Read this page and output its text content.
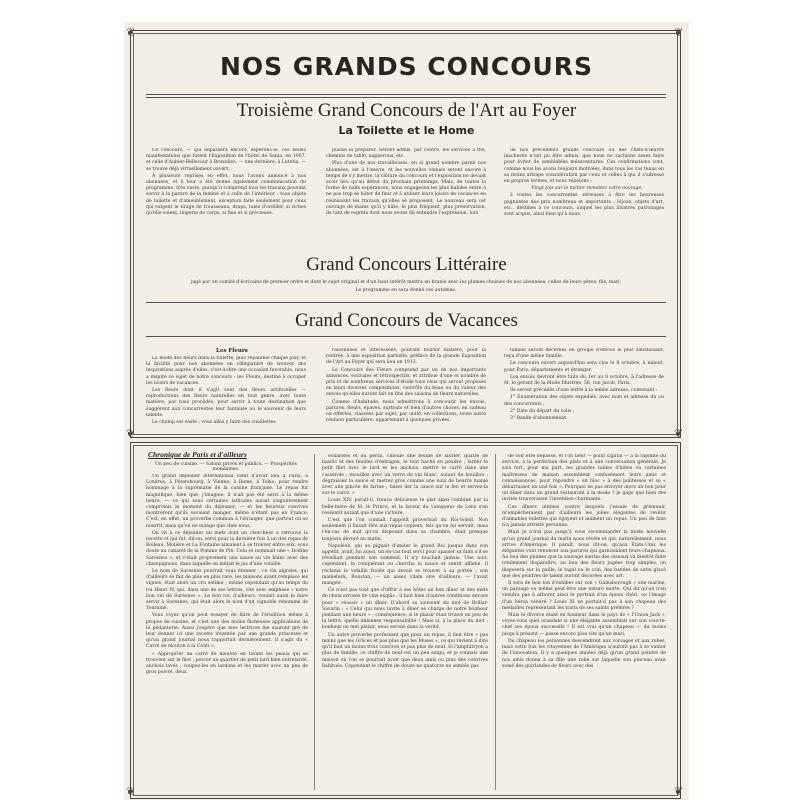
❦	❦
❦	❦
❦	❦
NOS GRANDS CONCOURS
Troisième Grand Concours de l'Art au Foyer
La Toilette et le Home

Ce concours, — qui dépassera encore, espérons-le, ces belles manifestations que furent l'Exposition de l'hôtel de Sonia, en 1907, et celle d'Aubier-Bellecour à Bruxelles, — une dernière, à Lutetia, — se trouve déjà virtuellement ouvert.

À plusieurs reprises en effet, nous l'avons annoncé à nos abonnées, et il leur a été donné également communication du programme, très vaste, puisqu'il comprend tous les travaux pouvant servir à la parure de la femme et à celle de l'intérieur : tous objets de toilette et d'ameublement, exception faite seulement pour ceux qui exigent le tirage de trousseaux, draps, taies d'oreiller, si riches qu'elle soient, lingerie de corps, si fine et si précieuse.

puisse la préparer. Seront admis, par contre, les services à thé, chemins de table, napperons, etc.

Plus d'une de nos travailleuses, en si grand nombre parmi nos abonnées, est à l'œuvre, et les nouvelles venues seront encore à temps de s'y mettre, la clôture du concours et l'exposition ne devant avoir lieu qu'au début du prochain printemps. Mais, de toutes la forme de naïfs espérances, nous engageons les plus habiles entre à ne pas trop se hâter de finir et à utiliser leurs loisirs de vacances en réunissant les travaux qu'elles se proposent. Le nouveau sera cet ouvrage de mains qu'il y hâte, le plus fréquent, plus préservation, de tant de regrets dont nous avons dû entendre l'expression, lors

de nos précédents grands concours où des chefs-d'œuvre inachevés n'ont pu être admis, que nous ne sachions assez faire pour éviter de semblables mésaventures. Ces confirmations sont, comme nous les avons toujours motivées, dans tous les cas tenus en sa moins attrape considération par ceux et celles à qui il s'adresse en propres termes, et nous répétons :

Vingt fois sur le métier remettez votre ouvrage,

à toutes les concurrentes sérieuses à être les heureuses gagnantes des prix nombreux et importants : bijoux, objets d'art, etc., destinés à ce concours, auquel les plus illustres patronages sont acquis, ainsi bien qu'à nous.

Grand Concours Littéraire
jugé par un comité d'écrivains de premier ordre et dont le sujet original et d'un haut intérêt mettra en branle avec les plumes choisies de nos abonnées, celles de leurs pères, fils, mari.
Le programme en sera donné ces automne.
Grand Concours de Vacances
Les Fleurs

La mode des fleurs dans la toilette, plus répandue chaque jour, et la facilité pour nos abonnées en villégiature de trouver des inspirations auprès d'elles, c'est-à-dire une occasion favorable, nous a inspiré ce sujet de notre concours : les Fleurs, destiné à occuper les loisirs de vacances.

Les fleurs dont il s'agit sont des fleurs artificielles — reproductions des fleurs naturelles en tout genre, avec toute matière, par tous procédés, pour servir à toute destination que suggèrent aux concurrentes leur fantaisie ou le souvenir de leurs talents.

Le champ est vaste : vous allez y faire des cueillettes

raisonnées et intéressées, pouvant fournir matière, pour la rentrée, à une exposition partielle, préface de la grande Exposition de l'Art au Foyer qui sera lieu en 1913.

Le Concours des Fleurs comprend par un de nos importants annonces, estivales et rétrospectifs, et attribue d'une et nombre de prix et de nombreux services d'étude tous ceux qui seront proposés en leurs diverses compositions, contrôle du beau ou du valeur des envois qu'elles auront fait en fins des saisons de fleurs naturelles.

Comme d'habitude, nous admettrons à concourir les envois, parures, fleurs, épaves, surtouts et bien d'autres choses, en cadeau ou offertes, classées par sujet, par unité, en collections, toute autre réunion particulière, appartenant à quelques privées.

famille seront décernés en groupe d'envois le plus satisfaisant, reçu d'une même famille.

Le concours ouvert aujourd'hui sera clos le 8 octobre, à minuit, pour Paris, départements et étranger.

Les envois devront être faits du 1er au 8 octobre, à l'adresse de M. le gérant de la Mode Illustrée, 56, rue Jacob, Paris.

Ils seront précédés d'une lettre à la même adresse, contenant :

1° Énumération des objets expédiés, avec nom et adresse du ou des concurrents ;

2° Date du départ du colis ;

3° Bande d'abonnement.

Chronique de Paris et d'ailleurs
Un peu de cuisine. — Salons privés et publics. — Prospérités mondaines.

Un grand déjeuner international vient d'avoir lieu à Paris, à Londres, à Pétersbourg, à Vienne, à Rome, à Tokio, pour rendre hommage à la suprématie de la cuisine française. Le repas fut magnifique, bien que, j'imagine, il n'ait pas été servi à la même heure, — ce qui sous certaines latitudes aurait singulièrement compromis le moment du déjeuner, — et les heureux convives montrèrent qu'ils savaient manger, même n'étant pas en France. C'est, en effet, un proverbe commun à l'étranger, que partout on se nourrit, mais qu'on ne mange que chez nous.

On vit à ce déjeuner un mets dont un chercheur a retrouvé la recette et qui fut, dit-on, servi pour la dernière fois à un des repas de Boileau, Molière et La Fontaine aimaient à se trouver entre eux, sous doute au cabaret de la Pomme de Pin. Cela se nommait une « Dodine Saresnes », et c'était proprement une sauce au vin blanc avec des champignons, dans laquelle on mêlait le jus d'une volaille.

Le nom de Suresnes pourrait vous étonner ; ce vin aigrelet, qui d'ailleurs se fait de plus en plus rare, les maisons ayant remplacé les vignes, était alors un cru estimé ; même cependant qu'au temps du roi Henri IV, qui, dans une de ses lettres, cite avec emphase « notre bon vin de Suresnes ». Le bon roi, d'ailleurs, voulait aussi le faire servir à Suresnes, qui était alors le nom d'un vignoble renommé de Touraine.

Vous voyez qu'on peut essayer de faire de l'érudition même à propos de cuisine, et c'est une des moins fâcheuses applications de la pédanterie. Aussi j'espère que mes lectrices me sauront gré de leur donner ici une recette inventée par une grande princesse et qu'un grand journal nous rapportait dernièrement. Il s'agit du « Carré de mouton à la Conti ».

« Approprier un carré de mouton en lavant les peaux qui se trouvent sur le filet ; percer un quartier de petit lard bien entrelardé, anchois lavés ; coupez-les en lardons et les marier avec un peu de gros poivre, deux

échalotes et du persil, ciboule une feuille de laurier, quatre de basilic et des feuilles d'estragon, le tout haché en poudre ; larder le petit filet avec le lard et les anchois, mettre le carré dans une casserole ; mouillez avec un verre de vin blanc, autant de bouillon ; dégraissez la sauce et mettez gros comme une noix de beurre manié avec une pincée de farine ; faites lier la sauce sur le feu et servez-la sur le carré. »

Louis XIV, paraît-il, trouva délicieuse le plat ainsi combiné par la belle-mère de M. le Prince, et la faveur du vainqueur de Lens s'en ressentit autant que d'une victoire.

C'est que l'on connaît l'appétit proverbial du Roi-Soleil. Non seulement il faisait fête aux repas copieux, tels qu'on lui servait, mais l'en-cas de nuit qu'on disposait dans sa chambre, était presque toujours dévoré au matin.

Napoléon, qui se piquait d'imiter le grand Roi jusque dans son appétit, avait, lui aussi, un en-cas tout servi pour apaiser sa faim s'il se réveillait pendant son sommeil. Il n'y touchait jamais. Une nuit, cependant, le conquérant ou chercha la sauce et sentit affamé. Il réclama la volaille froide qui devait se trouver à sa portée ; son mameluck, Roustan, — un assez vilain sire d'ailleurs, — l'avait mangée.

Ce n'est pas tout que d'offrir à ses hôtes un bon dîner et des mets de choix arrosés de vins exquis ; il faut bien d'autres conditions encore pour « réussir » un dîner. D'abord se souvenir du mot de Brillat-Savarin : « Celui qui nous invite à dîner se charge de notre bonheur pendant une heure » ; conséquence, si le plaisir était trouvé un peu de la lettre, quelle immense responsabilité ! Mais si, à la place du mot ; bonheur on met plaisir, nous serons dans la vérité.

Un autre proverbe professant que pour un repas, il faut être « pas moins que les Grâces et pas plus que les Muses », ce qui revient à dire qu'il faut un moins trois convives et pas plus de neuf. Si l'amphitryon a plus de famille, ce chiffre de neuf est un peu exigu, et je connais une maison où l'on se pourrait avoir que deux amis ou plus des convives habitués. Cependant le chiffre de douze ne quatorze ne semble pas

de voir être dépassé, et l'on tient — point capital — à la rapidité du service, à la perfection des plats et à une conversation générale. Je sais fort, pour ma part, les grandes tables d'hôtes où certaines maîtresses de maison assemblent confusément leurs amis et connaissances, pour répondre « en bloc » à des politesses et se « débarrasser en une fois ». Pourquoi ne pas envoyer alors un bon pour un dîner dans un grand restaurant à la mode ? je gage que bien des invités trouveraient l'invention charmante.

Ces dîners intimes contre lesquels j'essaie de prémunir, m'empêcheraient par d'ailleurs les jolies élégantes de revêtir d'aimables toilettes qui égayent et animent un repas. Un peu de luxe n'a jamais attristé personne.

Mais je n'irai pas jusqu'à vous recommander la mode nouvelle qu'un grand journal du matin nous révèle et qui, naturellement, nous arrive d'Amérique. Il paraît, nous dit-on, qu'aux États-Unis les élégantes vont renoncer aux parures qui garnissaient leurs chapeaux. Au lieu des plumes que la sauvage inertie des oiseaux va bientôt faire totalement disparaître, au lieu des fleurs jugées trop simples, on disposera sur la paille, le tagal ou le crin, des bandes de satin glacé que des peintres de talent auront décorées avec art.

Il sera de bon ton d'exhiber sur son « Gainsborough » une marine, un paysage ou même peut-être une nature morte. Qui dit qu'on n'en viendra pas à arborer ainsi le portrait d'un époux chéri, ou l'image d'un héros vénéré ? Louis XI ne portait-il pas à son chapeau des médailles représentant les traits de ses saints préférés ?

Mais le divorce étant en honneur dans le pays de « l'Union Jack », voyez-vous quel scandale si une élégante assemblait sur son couvre-chef ses époux successifs ! Il est vrai qu'un chapeau — du moins jusqu'à présent — passe encore plus vite qu'un mari.

Du chapeau les personnes descendront aux corsages et aux robes, mais cette fois les citoyennes de l'Amérique n'auront pas à se vanter de l'innovation. Il y a quelques années déjà qu'un grand peintre de nos amis donna à sa fille une robe sur laquelle son pinceau avait semé des guirlandes de fleurs avec des
